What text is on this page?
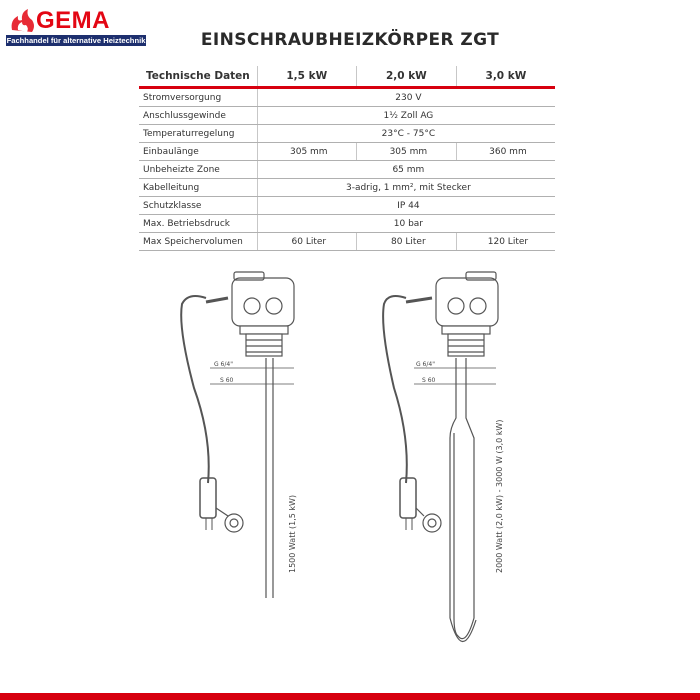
GEMA
Fachhandel für alternative Heiztechnik	EINSCHRAUBHEIZKÖRPER ZGT
Technische Daten	1,5 kW	2,0 kW	3,0 kW
Stromversorgung	230 V		
Anschlussgewinde	1½ Zoll AG		
Temperaturregelung	23°C - 75°C		
Einbaulänge	305 mm	305 mm	360 mm
Unbeheizte Zone	65 mm		
Kabelleitung	3-adrig, 1 mm², mit Stecker		
Schutzklasse	IP 44		
Max. Betriebsdruck	10 bar		
Max Speichervolumen	60 Liter	80 Liter	120 Liter
G 6/4"
S 60
1500 Watt (1,5 kW)
G 6/4"
S 60
2000 Watt (2,0 kW) - 3000 W (3,0 kW)
